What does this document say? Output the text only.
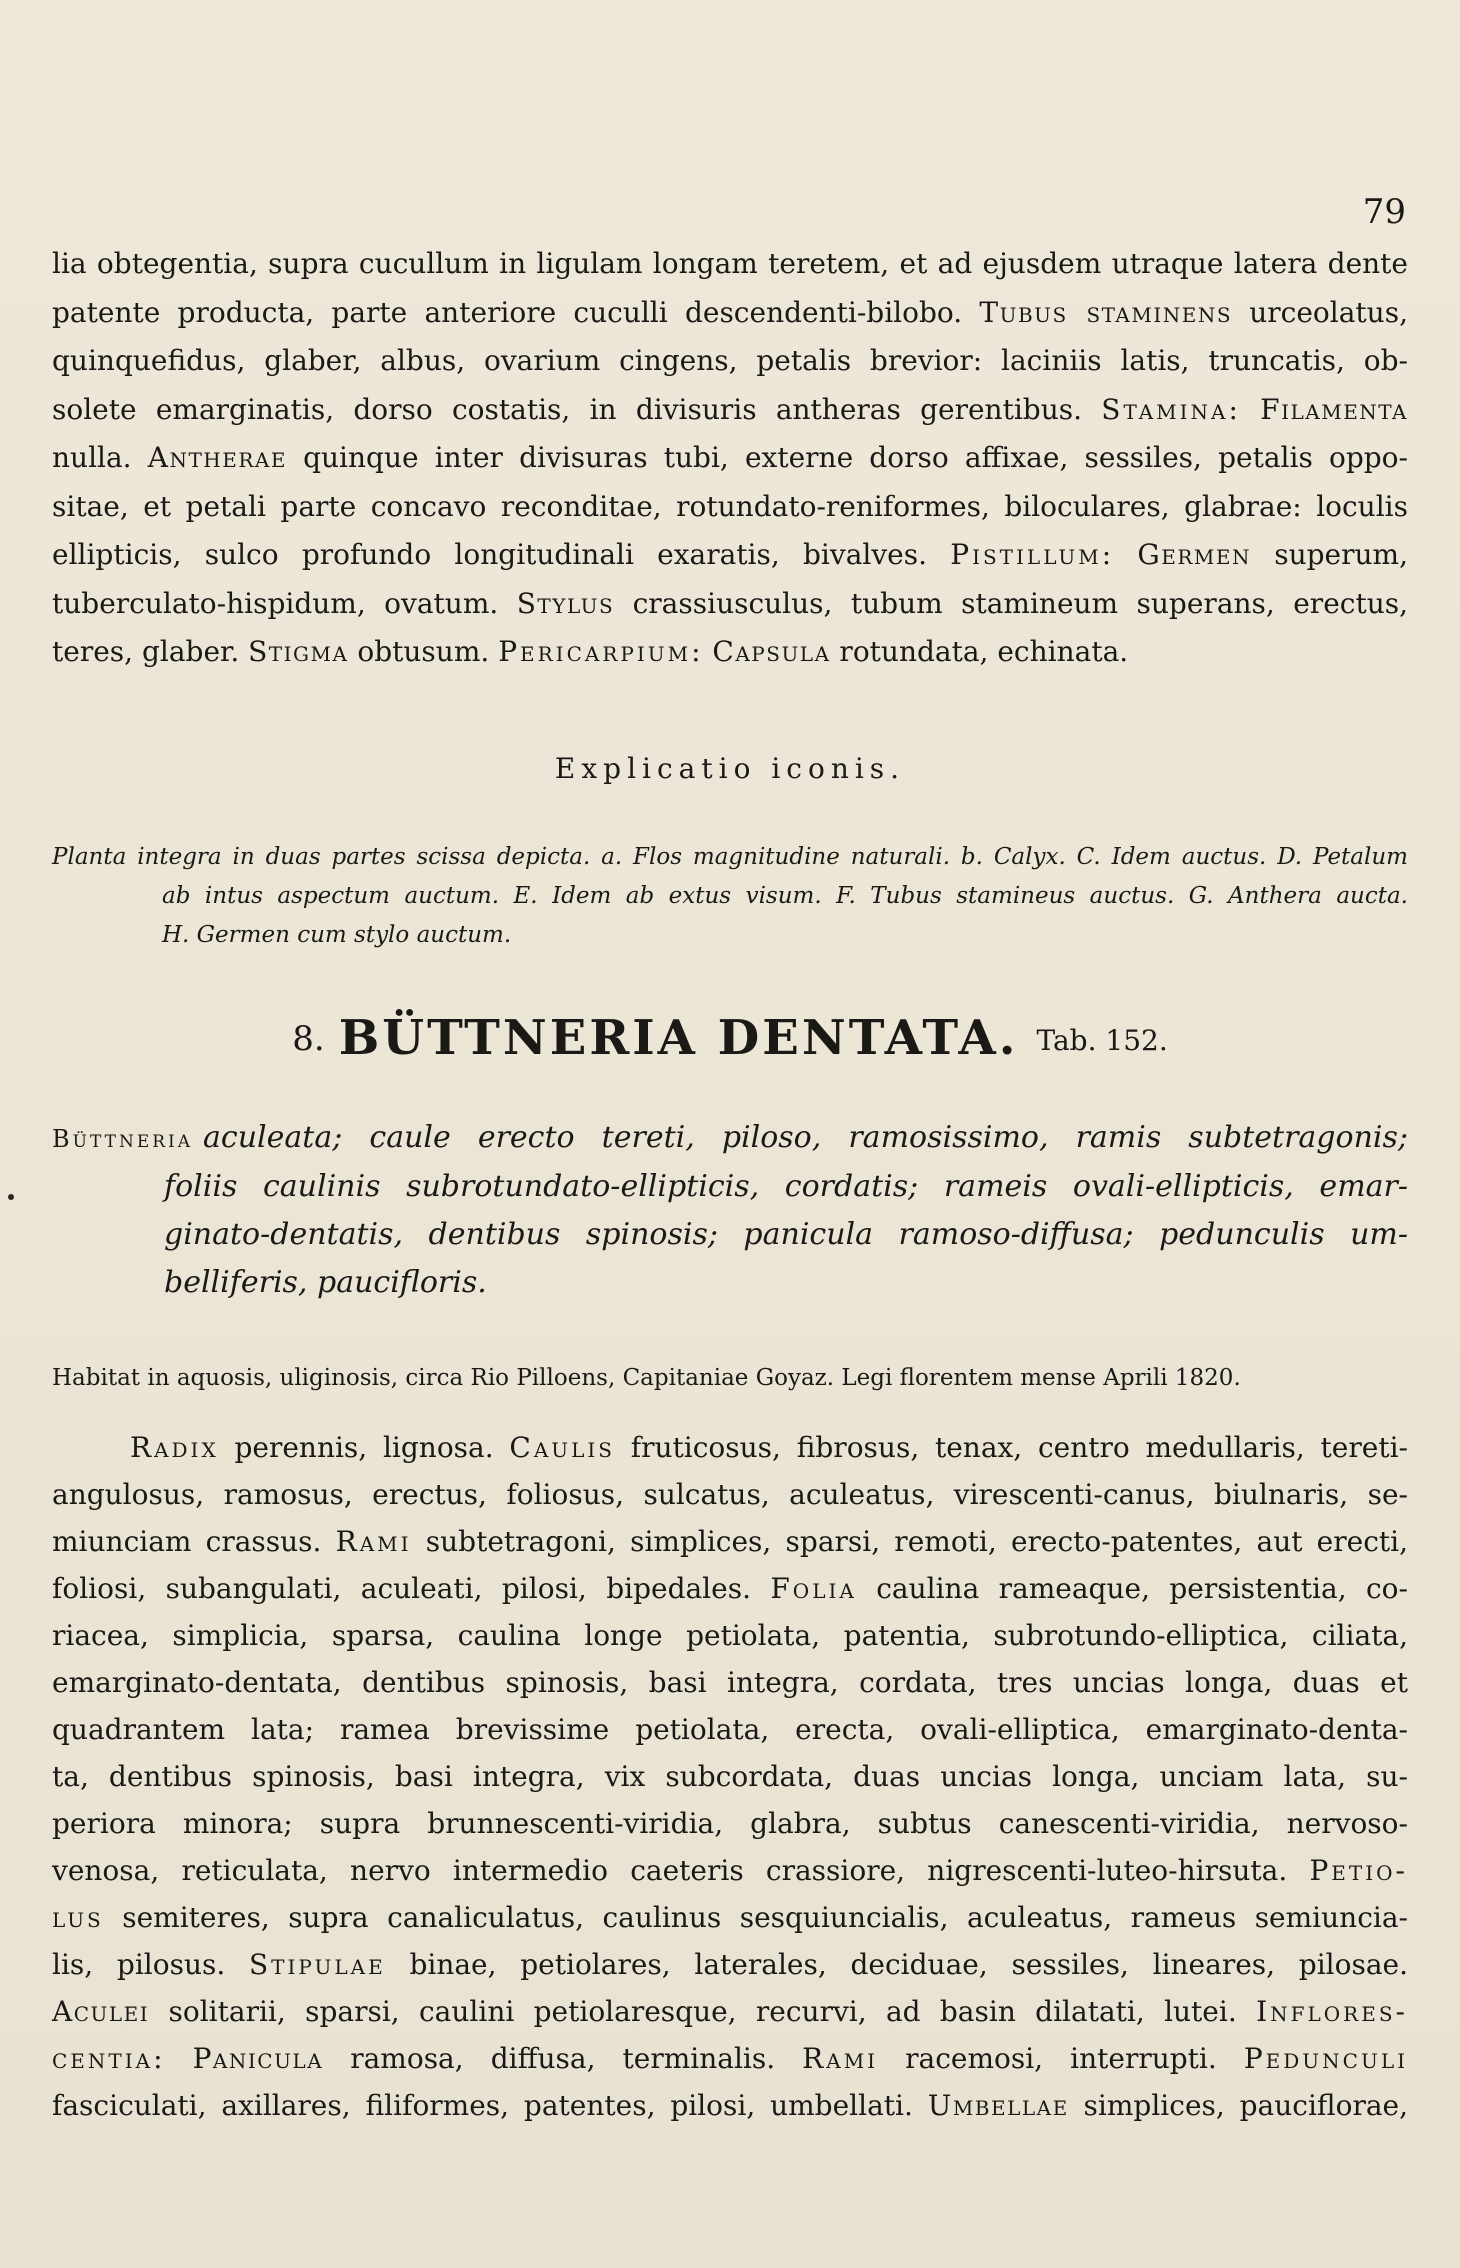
79
lia obtegentia, supra cucullum in ligulam longam teretem, et ad ejusdem utraque latera dente
patente producta, parte anteriore cuculli descendenti-bilobo. Tubus staminens urceolatus,
quinquefidus, glaber, albus, ovarium cingens, petalis brevior: laciniis latis, truncatis, ob-
solete emarginatis, dorso costatis, in divisuris antheras gerentibus. Stamina: Filamenta
nulla. Antherae quinque inter divisuras tubi, externe dorso affixae, sessiles, petalis oppo-
sitae, et petali parte concavo reconditae, rotundato-reniformes, biloculares, glabrae: loculis
ellipticis, sulco profundo longitudinali exaratis, bivalves. Pistillum: Germen superum,
tuberculato-hispidum, ovatum. Stylus crassiusculus, tubum stamineum superans, erectus,
teres, glaber. Stigma obtusum. Pericarpium: Capsula rotundata, echinata.
Explicatio iconis.
Planta integra in duas partes scissa depicta. a. Flos magnitudine naturali. b. Calyx. C. Idem auctus. D. Petalum
ab intus aspectum auctum. E. Idem ab extus visum. F. Tubus stamineus auctus. G. Anthera aucta.
H. Germen cum stylo auctum.
8. BÜTTNERIA DENTATA. Tab. 152.
Büttneria aculeata; caule erecto tereti, piloso, ramosissimo, ramis subtetragonis;
foliis caulinis subrotundato-ellipticis, cordatis; rameis ovali-ellipticis, emar-
ginato-dentatis, dentibus spinosis; panicula ramoso-diffusa; pedunculis um-
belliferis, paucifloris.
Habitat in aquosis, uliginosis, circa Rio Pilloens, Capitaniae Goyaz. Legi florentem mense Aprili 1820.
Radix perennis, lignosa. Caulis fruticosus, fibrosus, tenax, centro medullaris, tereti-
angulosus, ramosus, erectus, foliosus, sulcatus, aculeatus, virescenti-canus, biulnaris, se-
miunciam crassus. Rami subtetragoni, simplices, sparsi, remoti, erecto-patentes, aut erecti,
foliosi, subangulati, aculeati, pilosi, bipedales. Folia caulina rameaque, persistentia, co-
riacea, simplicia, sparsa, caulina longe petiolata, patentia, subrotundo-elliptica, ciliata,
emarginato-dentata, dentibus spinosis, basi integra, cordata, tres uncias longa, duas et
quadrantem lata; ramea brevissime petiolata, erecta, ovali-elliptica, emarginato-denta-
ta, dentibus spinosis, basi integra, vix subcordata, duas uncias longa, unciam lata, su-
periora minora; supra brunnescenti-viridia, glabra, subtus canescenti-viridia, nervoso-
venosa, reticulata, nervo intermedio caeteris crassiore, nigrescenti-luteo-hirsuta. Petio-
lus semiteres, supra canaliculatus, caulinus sesquiuncialis, aculeatus, rameus semiuncia-
lis, pilosus. Stipulae binae, petiolares, laterales, deciduae, sessiles, lineares, pilosae.
Aculei solitarii, sparsi, caulini petiolaresque, recurvi, ad basin dilatati, lutei. Inflores-
centia: Panicula ramosa, diffusa, terminalis. Rami racemosi, interrupti. Pedunculi
fasciculati, axillares, filiformes, patentes, pilosi, umbellati. Umbellae simplices, pauciflorae,
